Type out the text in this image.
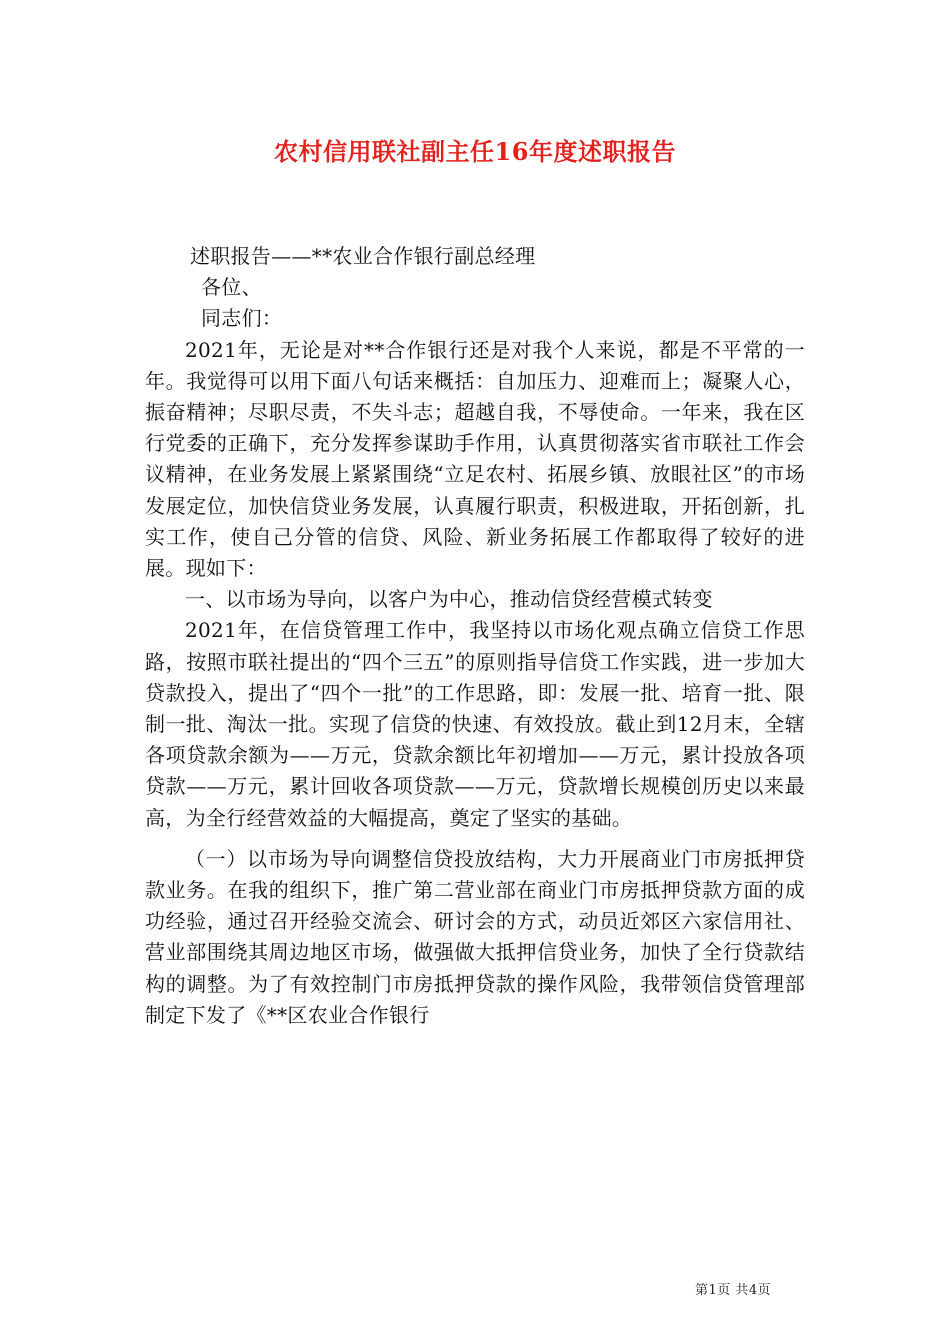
农村信用联社副主任16年度述职报告

述职报告——**农业合作银行副总经理

各位、

同志们：

2021年，无论是对**合作银行还是对我个人来说，都是不平常的一年。我觉得可以用下面八句话来概括：自加压力、迎难而上；凝聚人心，振奋精神；尽职尽责，不失斗志；超越自我，不辱使命。一年来，我在区行党委的正确下，充分发挥参谋助手作用，认真贯彻落实省市联社工作会议精神，在业务发展上紧紧围绕“立足农村、拓展乡镇、放眼社区”的市场发展定位，加快信贷业务发展，认真履行职责，积极进取，开拓创新，扎实工作，使自己分管的信贷、风险、新业务拓展工作都取得了较好的进展。现如下：

一、以市场为导向，以客户为中心，推动信贷经营模式转变

2021年，在信贷管理工作中，我坚持以市场化观点确立信贷工作思路，按照市联社提出的“四个三五”的原则指导信贷工作实践，进一步加大贷款投入，提出了“四个一批”的工作思路，即：发展一批、培育一批、限制一批、淘汰一批。实现了信贷的快速、有效投放。截止到12月末，全辖各项贷款余额为——万元，贷款余额比年初增加——万元，累计投放各项贷款——万元，累计回收各项贷款——万元，贷款增长规模创历史以来最高，为全行经营效益的大幅提高，奠定了坚实的基础。

（一）以市场为导向调整信贷投放结构，大力开展商业门市房抵押贷款业务。在我的组织下，推广第二营业部在商业门市房抵押贷款方面的成功经验，通过召开经验交流会、研讨会的方式，动员近郊区六家信用社、营业部围绕其周边地区市场，做强做大抵押信贷业务，加快了全行贷款结构的调整。为了有效控制门市房抵押贷款的操作风险，我带领信贷管理部制定下发了《**区农业合作银行

第1页 共4页
